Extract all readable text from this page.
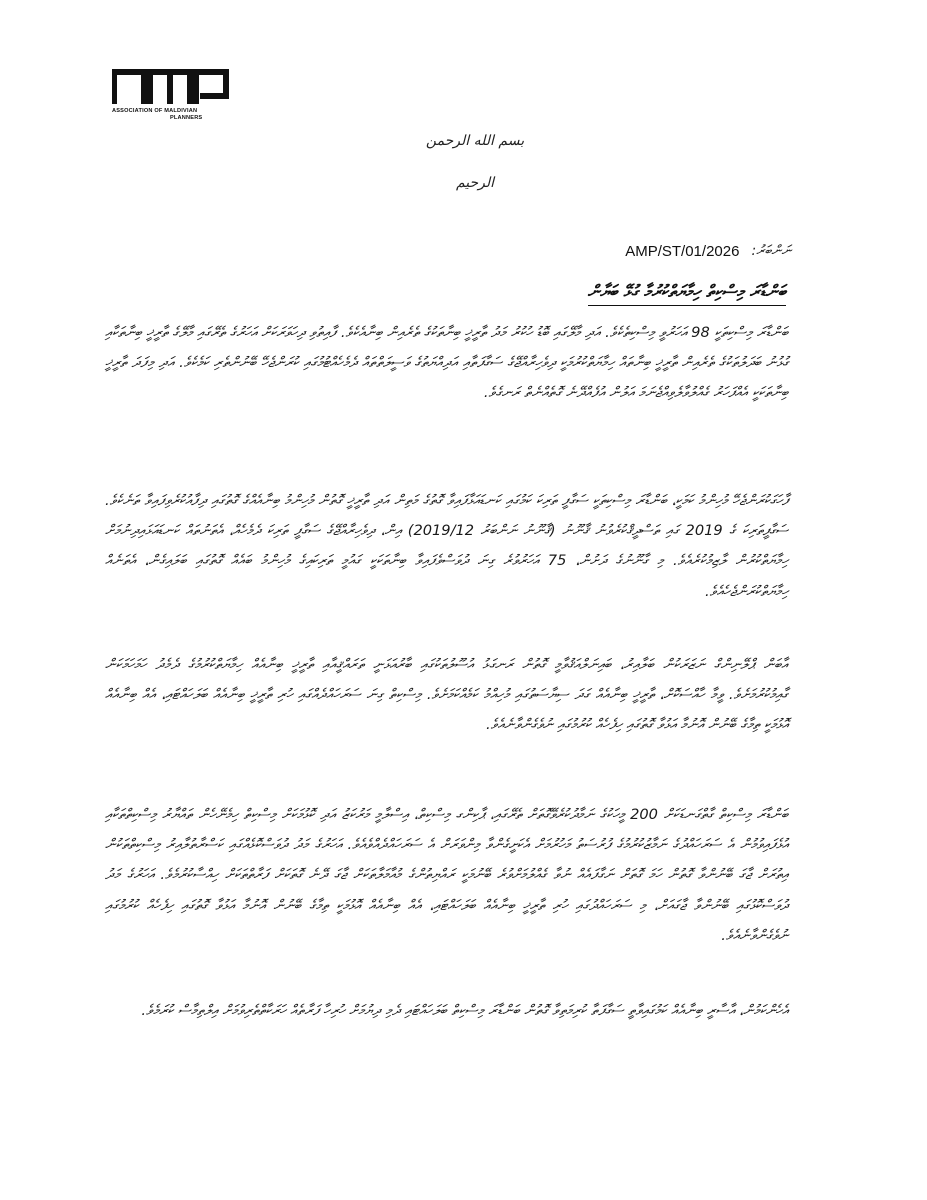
ASSOCIATION OF MALDIVIAN
PLANNERS
بسم الله الرحمن الرحيم
ނަންބަރު:
AMP/ST/01/2026
ބަންޑާރަ މިސްކިތް ހިމާޔަތްކުރުމާ ގުޅޭ ބަޔާން
ބަންޑާރަ މިސްކިތަކީ 98 އަހަރުވީ މިސްކިތެކެވެ. އަދި މާލޭގައި ބޮޑު ހުކުރު މަދު ތާރީޚީ ބިނާތަކުގެ ތެރެއިން ބިނާއެކެވެ. ފާއިތުވި ދިހަވަރަކަށް އަހަރުގެ ތެރޭގައި މާލޭގެ ތާރީޚީ ބިނާތަކާއި ގުޅުނު ބަދަލުތަކުގެ ތެރެއިން ތާރީޚީ ބިނާތައް ހިމާޔަތްކުރުމަކީ ދިވެހިރާއްޖޭގެ ސަގާފަތާއި އަދިއްޔަތުގެ ވަސީލަތްތައް ދެމެހެއްޓުމުގައި ކުރަންޖެހޭ ބޭނުންތެރި ކަމެކެވެ. އަދި މިފަދަ ތާރީޚީ ބިނާތަކަކީ އެއްފަހަރު ގެއްލުވާލެވިއްޖެނަމަ އަލުން އުފެއްދޭނެ ގޮތެއްނެތް ރަނގެވެ.
ފާހަގަކުރަންޖެހޭ މުހިންމު ކަމަކީ، ބަންޑާރަ މިސްކިތަކީ ސަގާފީ ތަރިކަ ކަމުގައި ކަނޑައަޅާފައިވާ ގޮތުގެ މަތިން އަދި ތާރީޚީ ގޮތުން މުހިންމު ބިނާއެއްގެ ގޮތުގައި ދިފާއުކުރެވިފައިވާ ތަނެކެވެ. ސަގާފީތަރިކަ ގެ 2019 ގައި ތަސްދީޤްކުރެވުނު ޤާނޫނު (ޤާނޫނު ނަންބަރު 2019/12) އިން، ދިވެހިރާއްޖޭގެ ސަގާފީ ތަރިކަ ދެމެހެއް، އެތަނުތައް ކަނޑައަޅައިދިނުމަށް ހިމާޔަތްކުރުން ލާޒިމުކުރެއެވެ. މި ގާނޫނުގެ ދަށުން، 75 އަހަރުވުރެ ގިނަ ދުވަސްވެފައިވާ ބިނާތަކަކީ ގައުމީ ތަރިކައިގެ މުހިންމު ބައެއް ގޮތުގައި ބަލައިގެން، އެތަނެއް ހިމާޔަތްކުރަންޖެހެއެވެ.
އާބަން ޕްލޭނިންގް ނަޒަރަކުން ބަލާއިރު، ބައިނަލްއަޤުވާމީ ގޮތުން ރަނގަޅު އުސޫލުތަކުގައި ބާރުއަޅަނީ ތަރައްޤީއާއި ތާރީޚީ ބިނާއެއް ހިމާޔަތްކުރުމުގެ ދެމެދު ހަމަހަމަކަން ގާއިމުކުރުމަށެވެ. ވީމާ ހާއްސަކޮށް، ތާރީޚީ ބިނާއެއް ގަދަ ސިޔާސަތުގައި މުހިއްމު ކަމެއްކަމަށެވެ. މިސްކިތް ގިނަ ސަރަހައްދެއްގައި ހުރި ތާރީޚީ ބިނާއެއް ބަލަހައްޓައި، އެއް ބިނާއެއް އޮޅުމަކީ ތިމާގެ ބޭނުން އޮނުމާ އަޅުވާ ގޮތުގައި ހިފެހެއް ކުރުމުގައި ނުވެގެންވާނެއެވެ.
ބަންޑާރަ މިސްކިތް ގާތްގަނޑަކަށް 200 މީހަކުގެ ނަމާދުކުރެވޭގޮތަށް ތެރޭގައި، ޕާކިންގ މިސްކިތް، އިސްލާމީ މަރުކަޒު އަދި ކޮޅުމަކަށް މިސްކިތް ހިމެނޭހެން ތައްޔާރު މިސްކިތްތަކާއި އުޅެފައިވުމުން އެ ސަރަހައްދުގެ ނަމާޒުކުރުމުގެ ފުރުސަތު މަހުރުމަށް އެކަށީގެންވާ މިންވަރަށް އެ ސަރަހައްދެއްވެއެވެ. އަހަރުގެ މަދު ދުވަސްކޮޅެއްގައި ކަސްރާތުލާއިރު މިސްކިތްތަކުން އިތުރަށް ޖާގަ ބޭނުންވާ ގޮތުން ހަމަ ގޮތަށް ނަގާފައެއް ނުވާ ގެއްލުމަށްވުރެ ބޭނުމަކީ ރައްޔިތުންގެ މުއާމަލާތަކަށް ޖާގަ ދޭނެ ގޮތަކަށް ފަރާތްތަކަށް ހިއްސާކުރުމެވެ. އަހަރުގެ މަދު ދުވަސްކޮޅުގައި ބޭނުންވާ ޖާގައަށް، މި ސަރަހައްދުގައި ހުރި ތާރީޚީ ބިނާއެއް ބަލަހައްޓައި، އެއް ބިނާއެއް އޮޅުމަކީ ތިމާގެ ބޭނުން އޮނުމާ އަޅުވާ ގޮތުގައި ހިފެހެއް ކުރުމުގައި ނުވެގެންވާނެއެވެ.
އެހެންކަމުން، އާސާރީ ބިނާއެއް ކަމުގައިވާތީ ސަގާފަތާ ކުރިމަތިވާ ގޮތުން ބަންޑާރަ މިސްކިތް ބަލަހައްޓައި ދެމި ދިޔުމަށް ހުރިހާ ފަރާތެއް ހަރަކާތްތެރިވުމަށް އިލްތިމާސް ކުރަމެވެ.
